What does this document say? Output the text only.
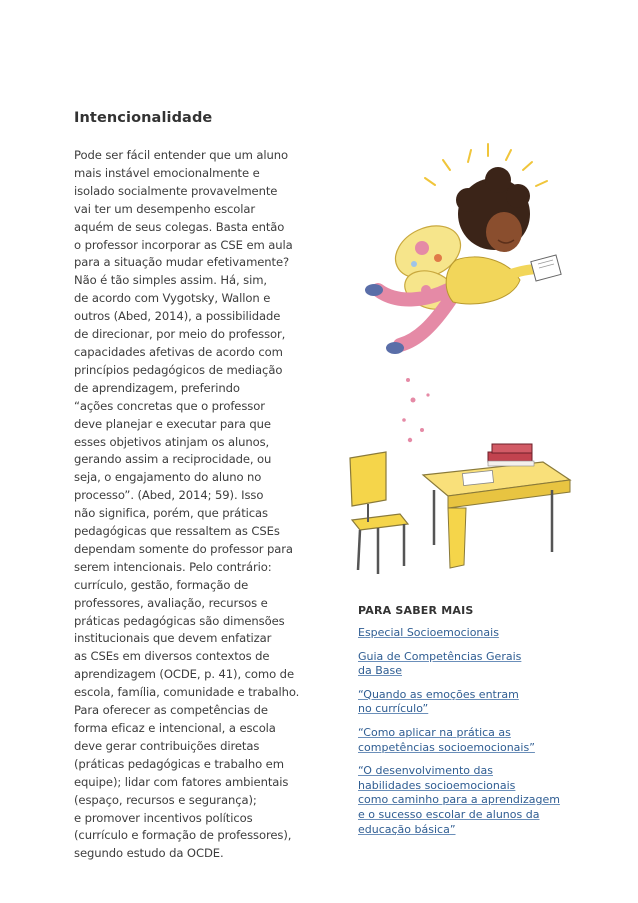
Intencionalidade
Pode ser fácil entender que um aluno
mais instável emocionalmente e
isolado socialmente provavelmente
vai ter um desempenho escolar
aquém de seus colegas. Basta então
o professor incorporar as CSE em aula
para a situação mudar efetivamente?
Não é tão simples assim. Há, sim,
de acordo com Vygotsky, Wallon e
outros (Abed, 2014), a possibilidade
de direcionar, por meio do professor,
capacidades afetivas de acordo com
princípios pedagógicos de mediação
de aprendizagem, preferindo
“ações concretas que o professor
deve planejar e executar para que
esses objetivos atinjam os alunos,
gerando assim a reciprocidade, ou
seja, o engajamento do aluno no
processo”. (Abed, 2014; 59). Isso
não significa, porém, que práticas
pedagógicas que ressaltem as CSEs
dependam somente do professor para
serem intencionais. Pelo contrário:
currículo, gestão, formação de
professores, avaliação, recursos e
práticas pedagógicas são dimensões
institucionais que devem enfatizar
as CSEs em diversos contextos de
aprendizagem (OCDE, p. 41), como de
escola, família, comunidade e trabalho.
Para oferecer as competências de
forma eficaz e intencional, a escola
deve gerar contribuições diretas
(práticas pedagógicas e trabalho em
equipe); lidar com fatores ambientais
(espaço, recursos e segurança);
e promover incentivos políticos
(currículo e formação de professores),
segundo estudo da OCDE.

PARA SABER MAIS

Especial Socioemocionais
Guia de Competências Gerais
da Base
“Quando as emoções entram
no currículo”
“Como aplicar na prática as
competências socioemocionais”
“O desenvolvimento das
habilidades socioemocionais
como caminho para a aprendizagem
e o sucesso escolar de alunos da
educação básica”
